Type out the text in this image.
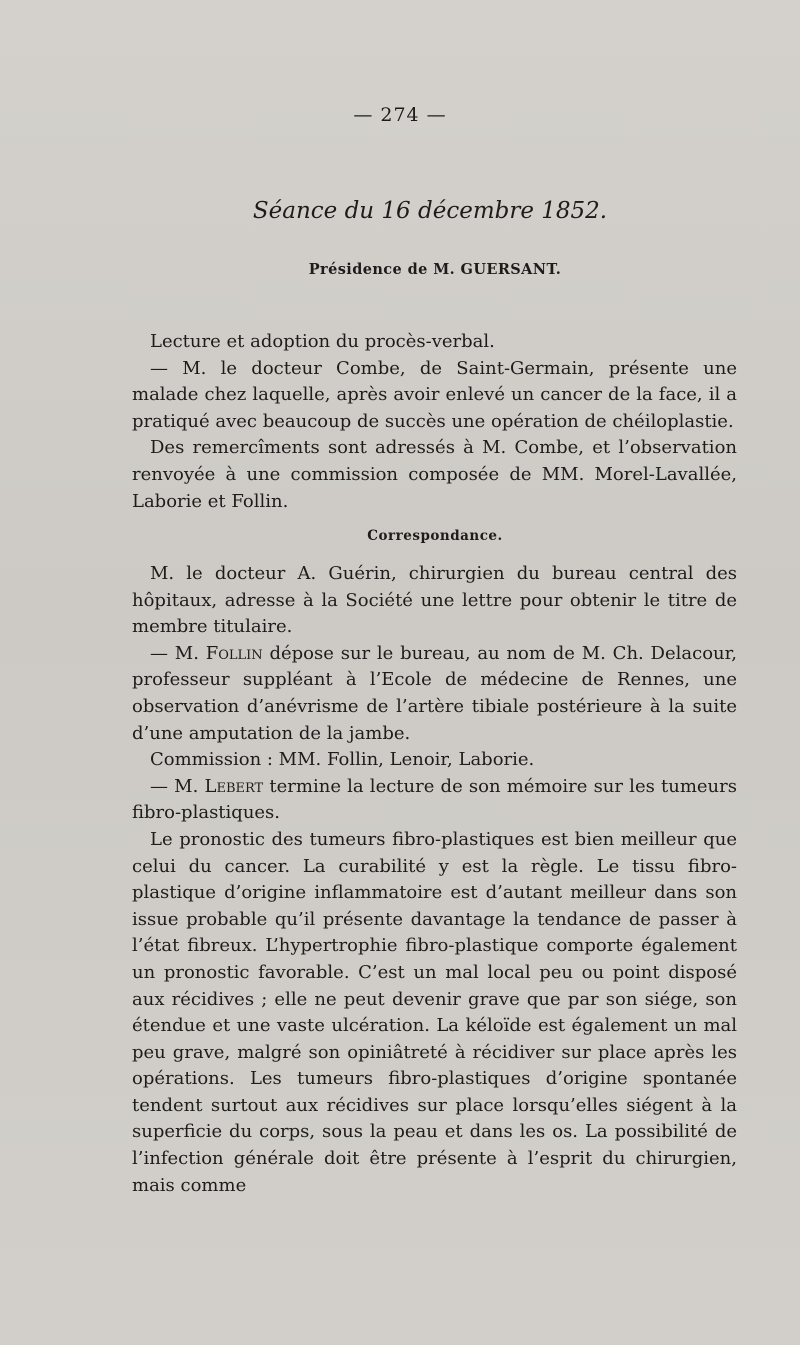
— 274 —
Séance du 16 décembre 1852.
Présidence de M. GUERSANT.

Lecture et adoption du procès-verbal.

— M. le docteur Combe, de Saint-Germain, présente une malade chez laquelle, après avoir enlevé un cancer de la face, il a pratiqué avec beaucoup de succès une opération de chéiloplastie.

Des remercîments sont adressés à M. Combe, et l’observation renvoyée à une commission composée de MM. Morel-Lavallée, Laborie et Follin.

Correspondance.

M. le docteur A. Guérin, chirurgien du bureau central des hôpitaux, adresse à la Société une lettre pour obtenir le titre de membre titulaire.

— M. Follin dépose sur le bureau, au nom de M. Ch. Delacour, professeur suppléant à l’Ecole de médecine de Rennes, une observation d’anévrisme de l’artère tibiale postérieure à la suite d’une amputation de la jambe.

Commission : MM. Follin, Lenoir, Laborie.

— M. Lebert termine la lecture de son mémoire sur les tumeurs fibro-plastiques.

Le pronostic des tumeurs fibro-plastiques est bien meilleur que celui du cancer. La curabilité y est la règle. Le tissu fibro-plastique d’origine inflammatoire est d’autant meilleur dans son issue probable qu’il présente davantage la tendance de passer à l’état fibreux. L’hypertrophie fibro-plastique comporte également un pronostic favorable. C’est un mal local peu ou point disposé aux récidives ; elle ne peut devenir grave que par son siége, son étendue et une vaste ulcération. La kéloïde est également un mal peu grave, malgré son opiniâtreté à récidiver sur place après les opérations. Les tumeurs fibro-plastiques d’origine spontanée tendent surtout aux récidives sur place lorsqu’elles siégent à la superficie du corps, sous la peau et dans les os. La possibilité de l’infection générale doit être présente à l’esprit du chirurgien, mais comme
